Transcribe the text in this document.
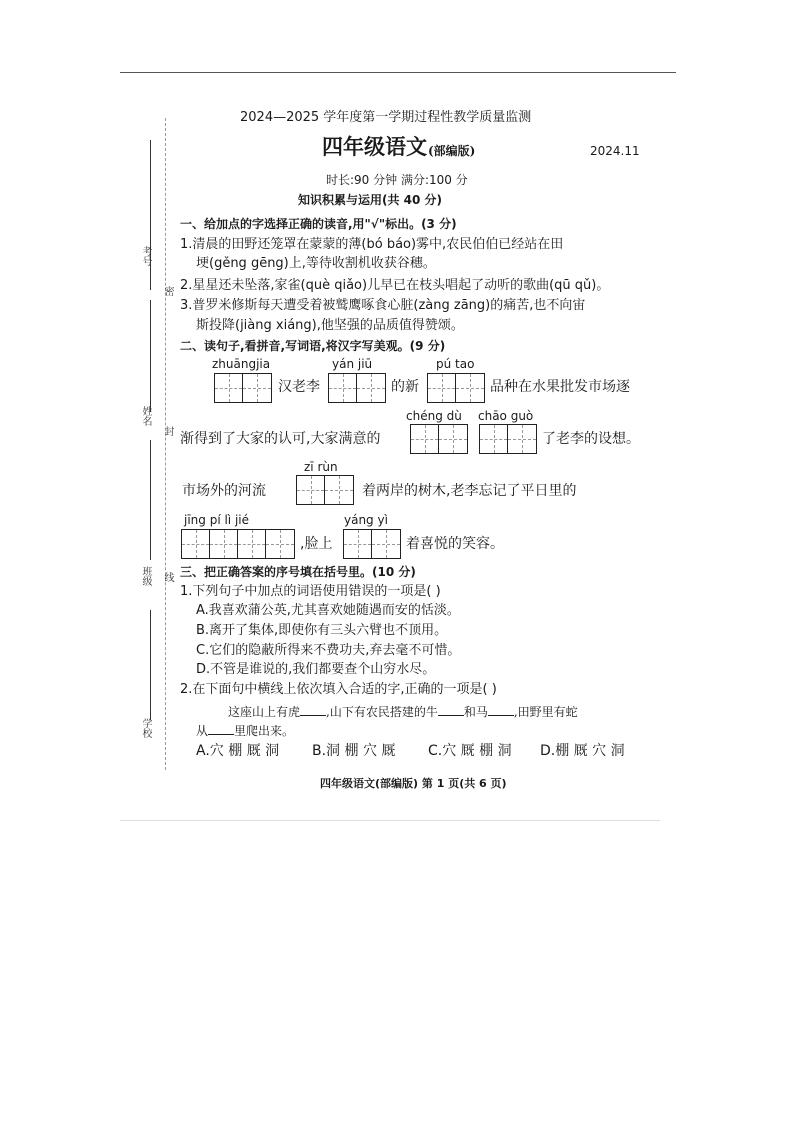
考号
密
姓名
封
班级 线
学校
2024—2025 学年度第一学期过程性教学质量监测
四年级语文 (部编版)	2024.11
时长:90 分钟 满分:100 分
知识积累与运用(共 40 分)
一、给加点的字选择正确的读音,用"√"标出。(3 分)
1.清晨的田野还笼罩在蒙蒙的薄(bó báo)雾中,农民伯伯已经站在田
埂(gěng gēng)上,等待收割机收获谷穗。
2.星星还未坠落,家雀(què qiǎo)儿早已在枝头唱起了动听的歌曲(qū qǔ)。
3.普罗米修斯每天遭受着被鹫鹰啄食心脏(zàng zāng)的痛苦,也不向宙
斯投降(jiàng xiáng),他坚强的品质值得赞颂。
二、读句子,看拼音,写词语,将汉字写美观。(9 分)
zhuāngjia	yán jiū	pú tao
汉老李	的新	品种在水果批发市场逐
chéng dù chāo guò
渐得到了大家的认可,大家满意的	了老李的设想。
zī rùn
市场外的河流	着两岸的树木,老李忘记了平日里的
jīng pí lì jié	yáng yì
,脸上	着喜悦的笑容。
三、把正确答案的序号填在括号里。(10 分)
1.下列句子中加点的词语使用错误的一项是( )
A.我喜欢蒲公英,尤其喜欢她随遇而安的恬淡。
B.离开了集体,即使你有三头六臂也不顶用。
C.它们的隐蔽所得来不费功夫,弃去毫不可惜。
D.不管是谁说的,我们都要查个山穷水尽。
2.在下面句中横线上依次填入合适的字,正确的一项是( )
这座山上有虎 ,山下有农民搭建的牛 和马 ,田野里有蛇
从 里爬出来。
A.穴 棚 厩 洞 B.洞 棚 穴 厩 C.穴 厩 棚 洞 D.棚 厩 穴 洞
四年级语文(部编版) 第 1 页(共 6 页)
